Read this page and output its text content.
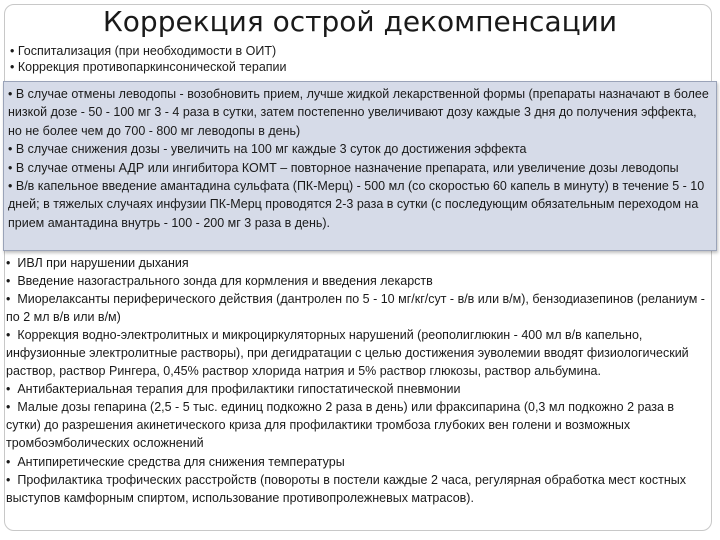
Коррекция острой декомпенсации
• Госпитализация (при необходимости в ОИТ)
• Коррекция противопаркинсонической терапии

• В случае отмены леводопы - возобновить прием, лучше жидкой лекарственной формы (препараты назначают в более низкой дозе - 50 - 100 мг 3 - 4 раза в сутки, затем постепенно увеличивают дозу каждые 3 дня до получения эффекта, но не более чем до 700 - 800 мг леводопы в день)

• В случае снижения дозы - увеличить на 100 мг каждые 3 суток до достижения эффекта

• В случае отмены АДР или ингибитора КОМТ – повторное назначение препарата, или увеличение дозы леводопы

• В/в капельное введение амантадина сульфата (ПК-Мерц) - 500 мл (со скоростью 60 капель в минуту) в течение 5 - 10 дней; в тяжелых случаях инфузии ПК-Мерц проводятся 2-3 раза в сутки (с последующим обязательным переходом на прием амантадина внутрь - 100 - 200 мг 3 раза в день).

•  ИВЛ при нарушении дыхания

•  Введение назогастрального зонда для кормления и введения лекарств

•  Миорелаксанты периферического действия (дантролен по 5 - 10 мг/кг/сут - в/в или в/м), бензодиазепинов (реланиум - по 2 мл в/в или в/м)

•  Коррекция водно-электролитных и микроциркуляторных нарушений (реополиглюкин - 400 мл в/в капельно, инфузионные электролитные растворы), при дегидратации с целью достижения эуволемии вводят физиологический раствор, раствор Рингера, 0,45% раствор хлорида натрия и 5% раствор глюкозы, раствор альбумина.

•  Антибактериальная терапия для профилактики гипостатической пневмонии

•  Малые дозы гепарина (2,5 - 5 тыс. единиц подкожно 2 раза в день) или фраксипарина (0,3 мл подкожно 2 раза в сутки) до разрешения акинетического криза для профилактики тромбоза глубоких вен голени и возможных тромбоэмболических осложнений

•  Антипиретические средства для снижения температуры

•  Профилактика трофических расстройств (повороты в постели каждые 2 часа, регулярная обработка мест костных выступов камфорным спиртом, использование противопролежневых матрасов).
